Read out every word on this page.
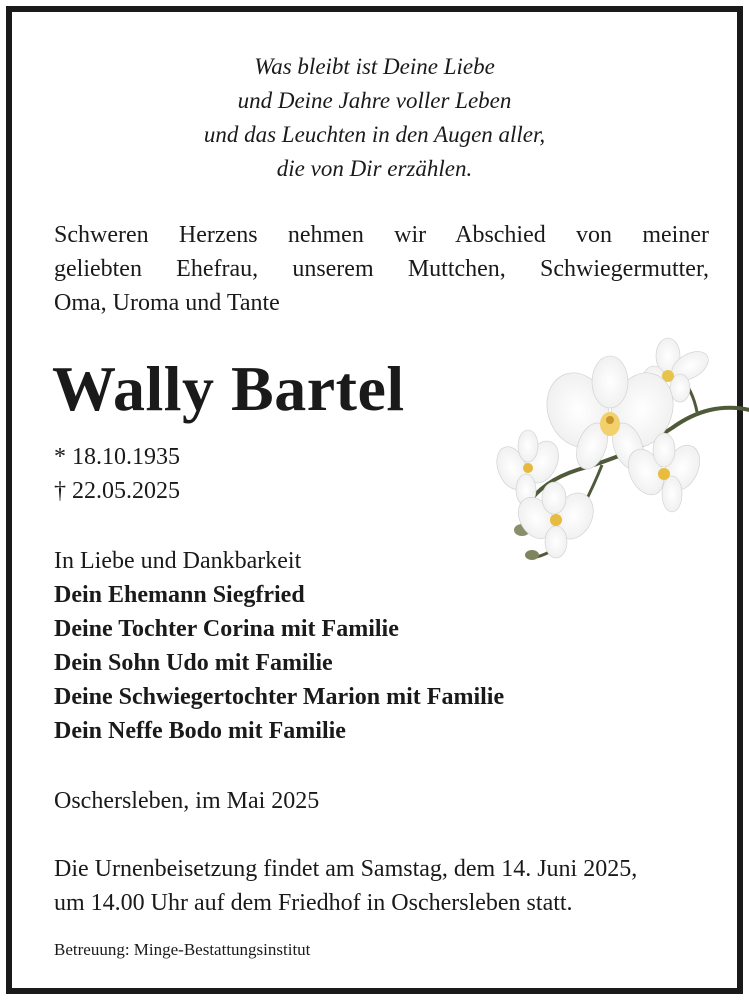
Was bleibt ist Deine Liebe
und Deine Jahre voller Leben
und das Leuchten in den Augen aller,
die von Dir erzählen.
Schweren Herzens nehmen wir Abschied von meiner
geliebten Ehefrau, unserem Muttchen, Schwiegermutter,
Oma, Uroma und Tante
Wally Bartel
* 18.10.1935
† 22.05.2025
In Liebe und Dankbarkeit
Dein Ehemann Siegfried
Deine Tochter Corina mit Familie
Dein Sohn Udo mit Familie
Deine Schwiegertochter Marion mit Familie
Dein Neffe Bodo mit Familie
Oschersleben, im Mai 2025
Die Urnenbeisetzung findet am Samstag, dem 14. Juni 2025,
um 14.00 Uhr auf dem Friedhof in Oschersleben statt.
Betreuung: Minge-Bestattungsinstitut
